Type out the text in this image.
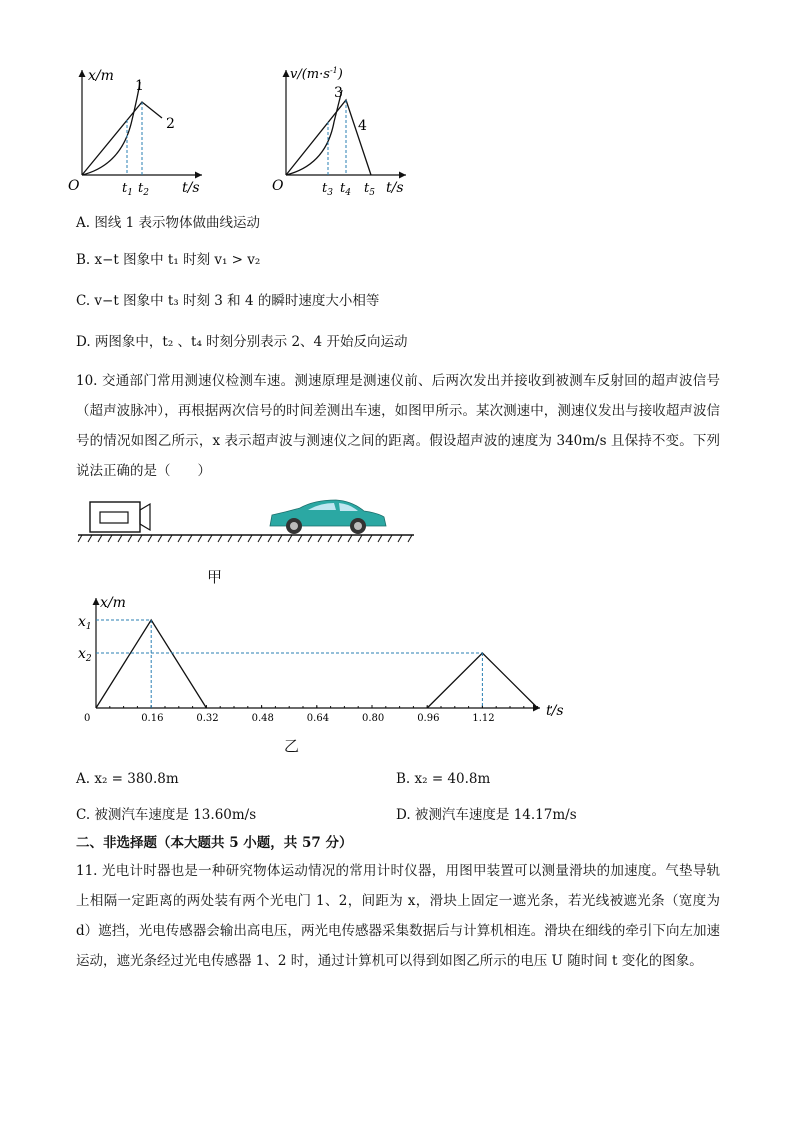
x/m
1
2
O	$t_1$ $t_2$ t/s
$v/(m\cdot s^{-1})$
3
4
O	$t_3$ $t_4$ $t_5$ t/s
A. 图线 1 表示物体做曲线运动
B. x−t 图象中 t₁ 时刻 v₁ > v₂
C. v−t 图象中 t₃ 时刻 3 和 4 的瞬时速度大小相等
D. 两图象中，t₂ 、t₄ 时刻分别表示 2、4 开始反向运动
10. 交通部门常用测速仪检测车速。测速原理是测速仪前、后两次发出并接收到被测车反射回的超声波信号（超声波脉冲），再根据两次信号的时间差测出车速，如图甲所示。某次测速中，测速仪发出与接收超声波信号的情况如图乙所示，x 表示超声波与测速仪之间的距离。假设超声波的速度为 340m/s 且保持不变。下列说法正确的是（　　）
甲
x/m
t/s
$x_1$
$x_2$
0	0.16	0.32	0.48	0.64	0.80	0.96	1.12
乙
A. x₂ = 380.8m	B. x₂ = 40.8m
C. 被测汽车速度是 13.60m/s	D. 被测汽车速度是 14.17m/s
二、非选择题（本大题共 5 小题，共 57 分）
11. 光电计时器也是一种研究物体运动情况的常用计时仪器，用图甲装置可以测量滑块的加速度。气垫导轨上相隔一定距离的两处装有两个光电门 1、2，间距为 x，滑块上固定一遮光条，若光线被遮光条（宽度为 d）遮挡，光电传感器会输出高电压，两光电传感器采集数据后与计算机相连。滑块在细线的牵引下向左加速运动，遮光条经过光电传感器 1、2 时，通过计算机可以得到如图乙所示的电压 U 随时间 t 变化的图象。
